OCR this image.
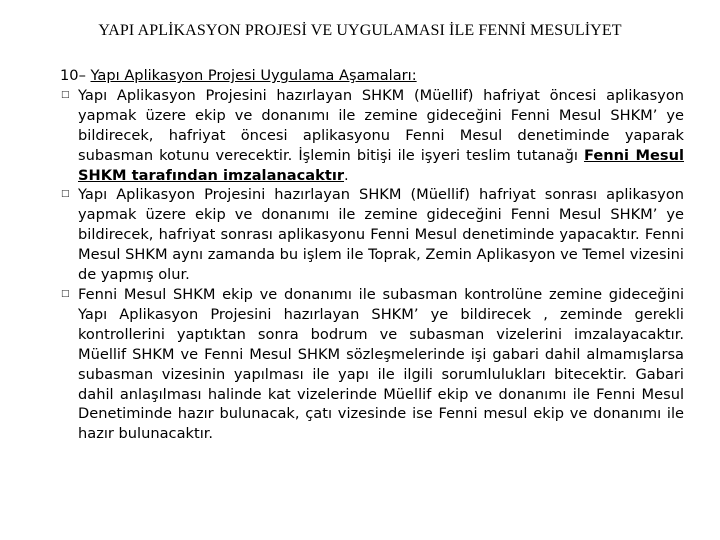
YAPI APLİKASYON PROJESİ VE UYGULAMASI İLE FENNİ MESULİYET
10– Yapı Aplikasyon Projesi Uygulama Aşamaları:
□ Yapı Aplikasyon Projesini hazırlayan SHKM (Müellif) hafriyat öncesi aplikasyon yapmak üzere ekip ve donanımı ile zemine gideceğini Fenni Mesul SHKM’ ye bildirecek, hafriyat öncesi aplikasyonu Fenni Mesul denetiminde yaparak subasman kotunu verecektir. İşlemin bitişi ile işyeri teslim tutanağı Fenni Mesul SHKM tarafından imzalanacaktır.
□ Yapı Aplikasyon Projesini hazırlayan SHKM (Müellif) hafriyat sonrası aplikasyon yapmak üzere ekip ve donanımı ile zemine gideceğini Fenni Mesul SHKM’ ye bildirecek, hafriyat sonrası aplikasyonu Fenni Mesul denetiminde yapacaktır. Fenni Mesul SHKM aynı zamanda bu işlem ile Toprak, Zemin Aplikasyon ve Temel vizesini de yapmış olur.
□ Fenni Mesul SHKM ekip ve donanımı ile subasman kontrolüne zemine gideceğini Yapı Aplikasyon Projesini hazırlayan SHKM’ ye bildirecek , zeminde gerekli kontrollerini yaptıktan sonra bodrum ve subasman vizelerini imzalayacaktır. Müellif SHKM ve Fenni Mesul SHKM sözleşmelerinde işi gabari dahil almamışlarsa subasman vizesinin yapılması ile yapı ile ilgili sorumlulukları bitecektir. Gabari dahil anlaşılması halinde kat vizelerinde Müellif ekip ve donanımı ile Fenni Mesul Denetiminde hazır bulunacak, çatı vizesinde ise Fenni mesul ekip ve donanımı ile hazır bulunacaktır.
